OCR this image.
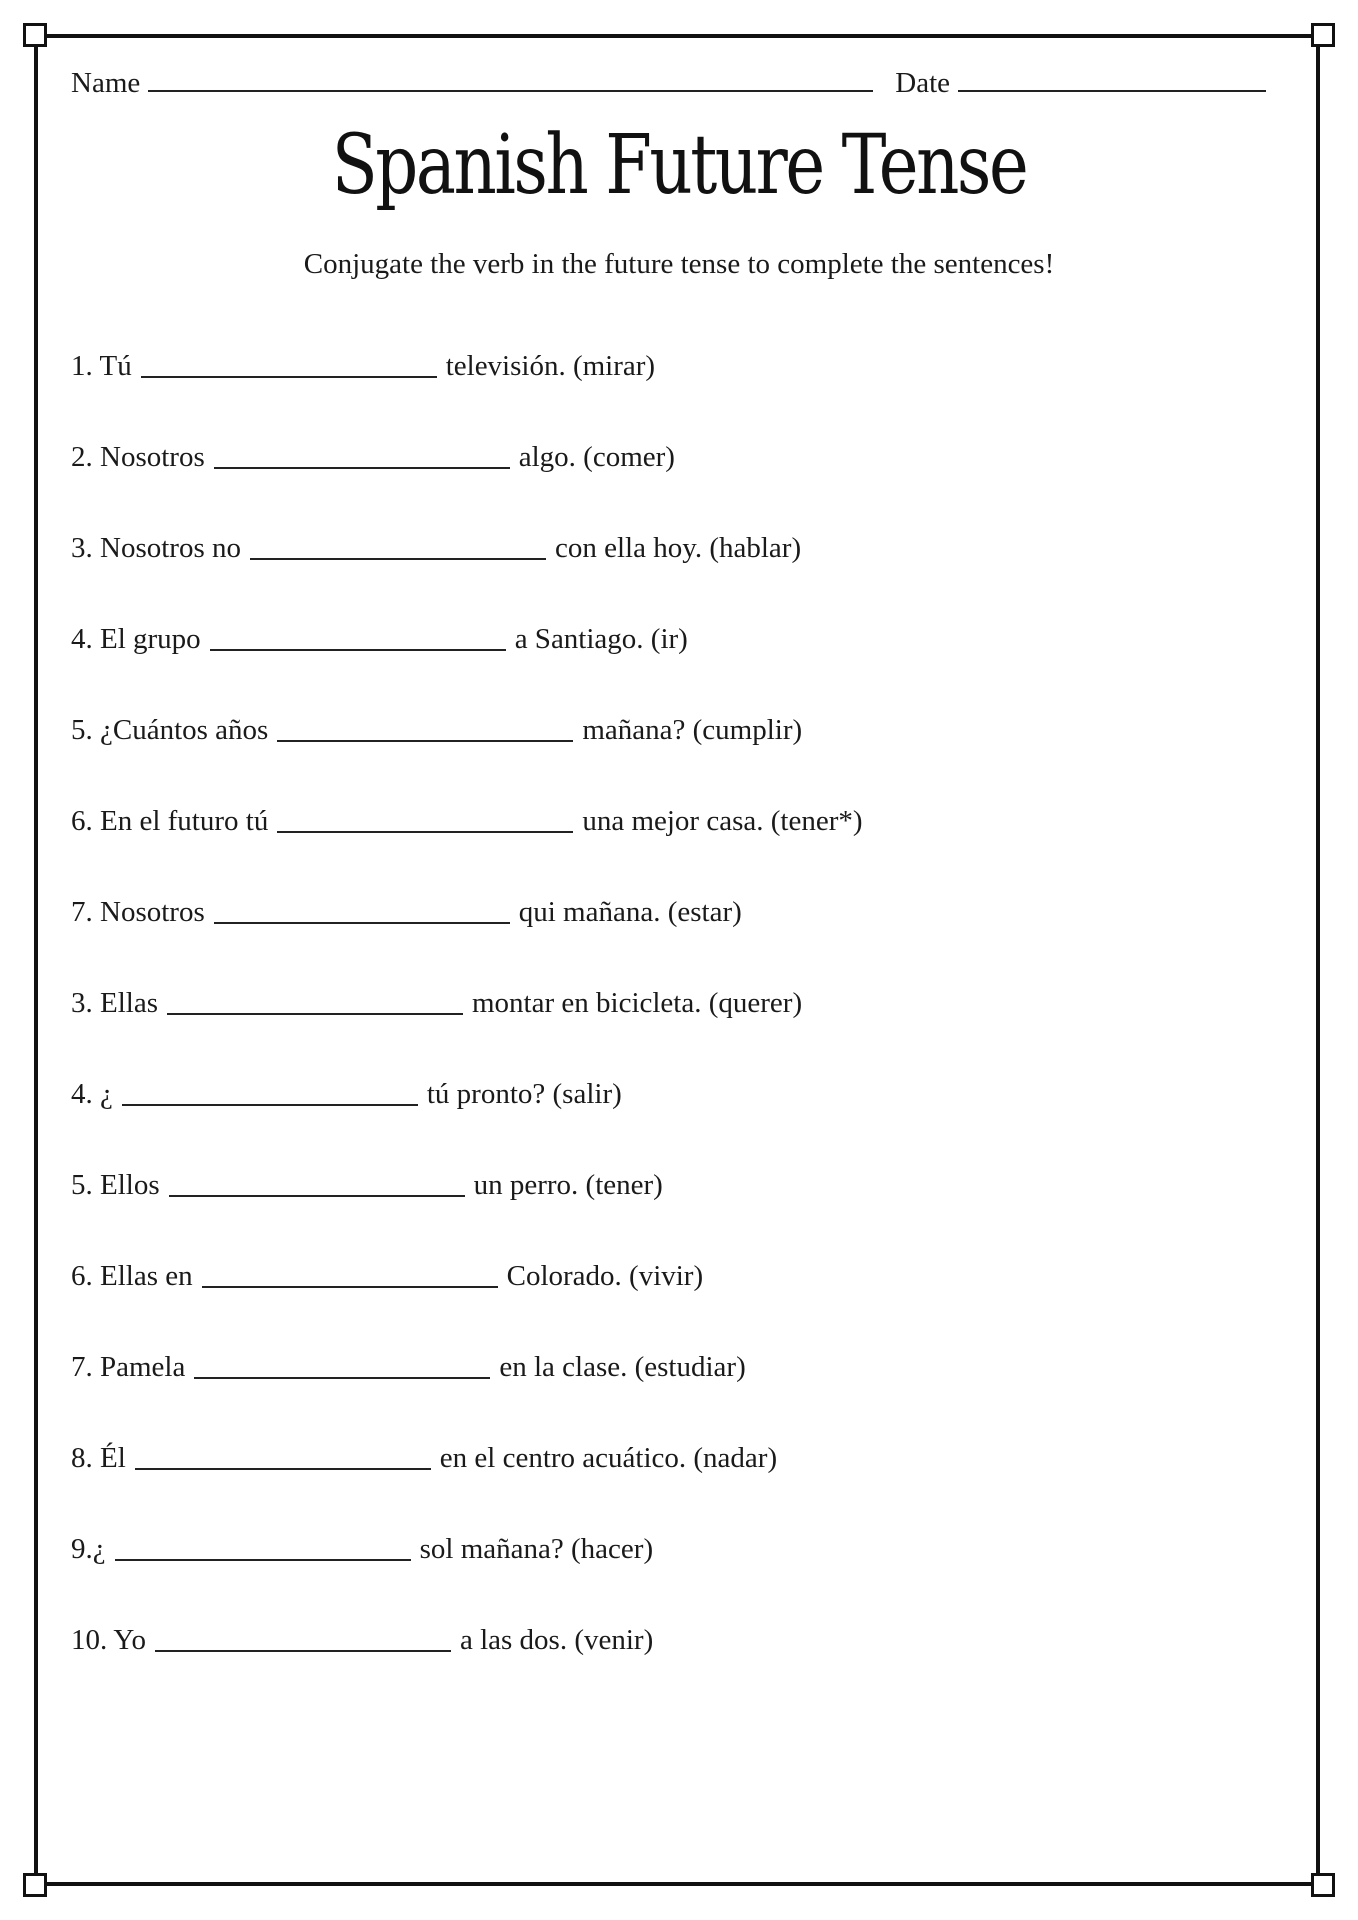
Name	Date
Spanish Future Tense
Conjugate the verb in the future tense to complete the sentences!
1. Tú	televisión. (mirar)
2. Nosotros	algo. (comer)
3. Nosotros no	con ella hoy. (hablar)
4. El grupo	a Santiago. (ir)
5. ¿Cuántos años	mañana? (cumplir)
6. En el futuro tú	una mejor casa. (tener*)
7. Nosotros	qui mañana. (estar)
3. Ellas	montar en bicicleta. (querer)
4. ¿	tú pronto? (salir)
5. Ellos	un perro. (tener)
6. Ellas en	Colorado. (vivir)
7. Pamela	en la clase. (estudiar)
8. Él	en el centro acuático. (nadar)
9.¿	sol mañana? (hacer)
10. Yo	a las dos. (venir)
